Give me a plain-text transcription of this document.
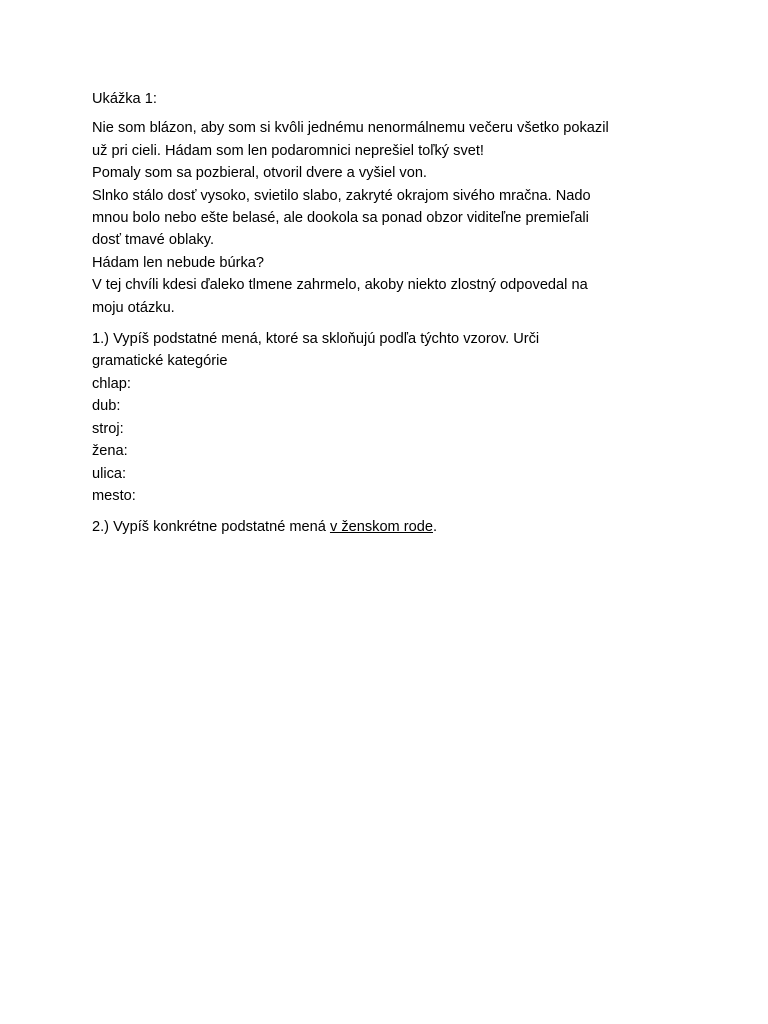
Ukážka 1:
Nie som blázon, aby som si kvôli jednému nenormálnemu večeru všetko pokazil
už pri cieli. Hádam som len podaromnici neprešiel toľký svet!
Pomaly som sa pozbieral, otvoril dvere a vyšiel von.
Slnko stálo dosť vysoko, svietilo slabo, zakryté okrajom sivého mračna. Nado
mnou bolo nebo ešte belasé, ale dookola sa ponad obzor viditeľne premieľali
dosť tmavé oblaky.
Hádam len nebude búrka?
V tej chvíli kdesi ďaleko tlmene zahrmelo, akoby niekto zlostný odpovedal na
moju otázku.
1.) Vypíš podstatné mená, ktoré sa skloňujú podľa týchto vzorov. Urči
gramatické kategórie
chlap:
dub:
stroj:
žena:
ulica:
mesto:
2.) Vypíš konkrétne podstatné mená v ženskom rode.
